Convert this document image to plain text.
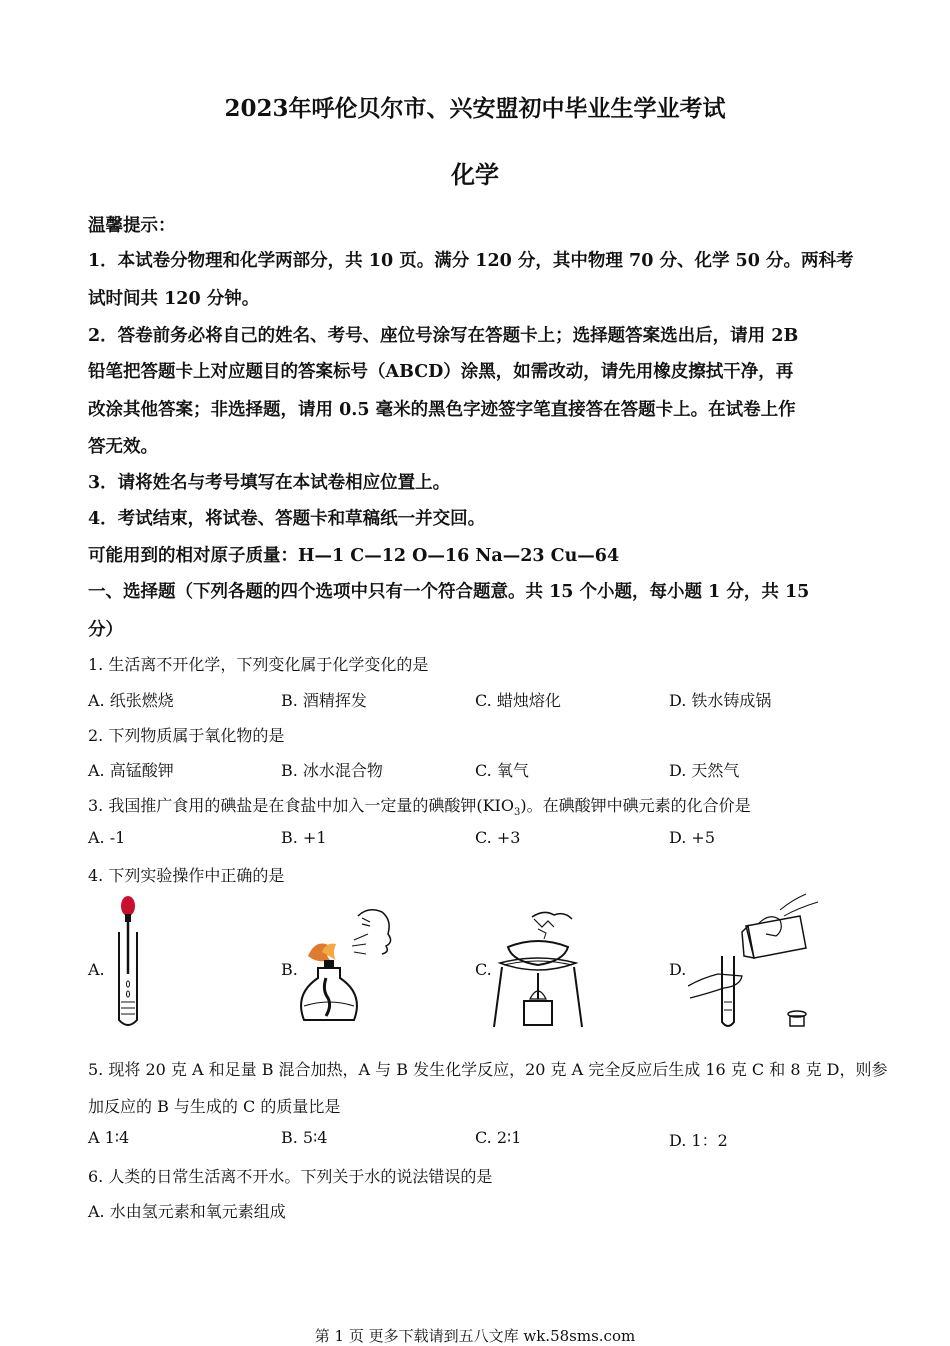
2023年呼伦贝尔市、兴安盟初中毕业生学业考试
化学
温馨提示：
1．本试卷分物理和化学两部分，共 10 页。满分 120 分，其中物理 70 分、化学 50 分。两科考
试时间共 120 分钟。
2．答卷前务必将自己的姓名、考号、座位号涂写在答题卡上；选择题答案选出后，请用 2B
铅笔把答题卡上对应题目的答案标号（ABCD）涂黑，如需改动，请先用橡皮擦拭干净，再
改涂其他答案；非选择题，请用 0.5 毫米的黑色字迹签字笔直接答在答题卡上。在试卷上作
答无效。
3．请将姓名与考号填写在本试卷相应位置上。
4．考试结束，将试卷、答题卡和草稿纸一并交回。
可能用到的相对原子质量：H—1 C—12 O—16 Na—23 Cu—64
一、选择题（下列各题的四个选项中只有一个符合题意。共 15 个小题，每小题 1 分，共 15
分）
1. 生活离不开化学，下列变化属于化学变化的是
A. 纸张燃烧	B. 酒精挥发	C. 蜡烛熔化	D. 铁水铸成锅
2. 下列物质属于氧化物的是
A. 高锰酸钾	B. 冰水混合物	C. 氧气	D. 天然气
3. 我国推广食用的碘盐是在食盐中加入一定量的碘酸钾$(KIO_3)$。在碘酸钾中碘元素的化合价是
A. -1	B. +1	C. +3	D. +5
4. 下列实验操作中正确的是
A.	B.	C.	D.
5. 现将 20 克 A 和足量 B 混合加热，A 与 B 发生化学反应，20 克 A 完全反应后生成 16 克 C 和 8 克 D，则参
加反应的 B 与生成的 C 的质量比是
A 1∶4	B. 5∶4	C. 2∶1	D. 1：2
6. 人类的日常生活离不开水。下列关于水的说法错误的是
A. 水由氢元素和氧元素组成
第 1 页 更多下载请到五八文库 wk.58sms.com
